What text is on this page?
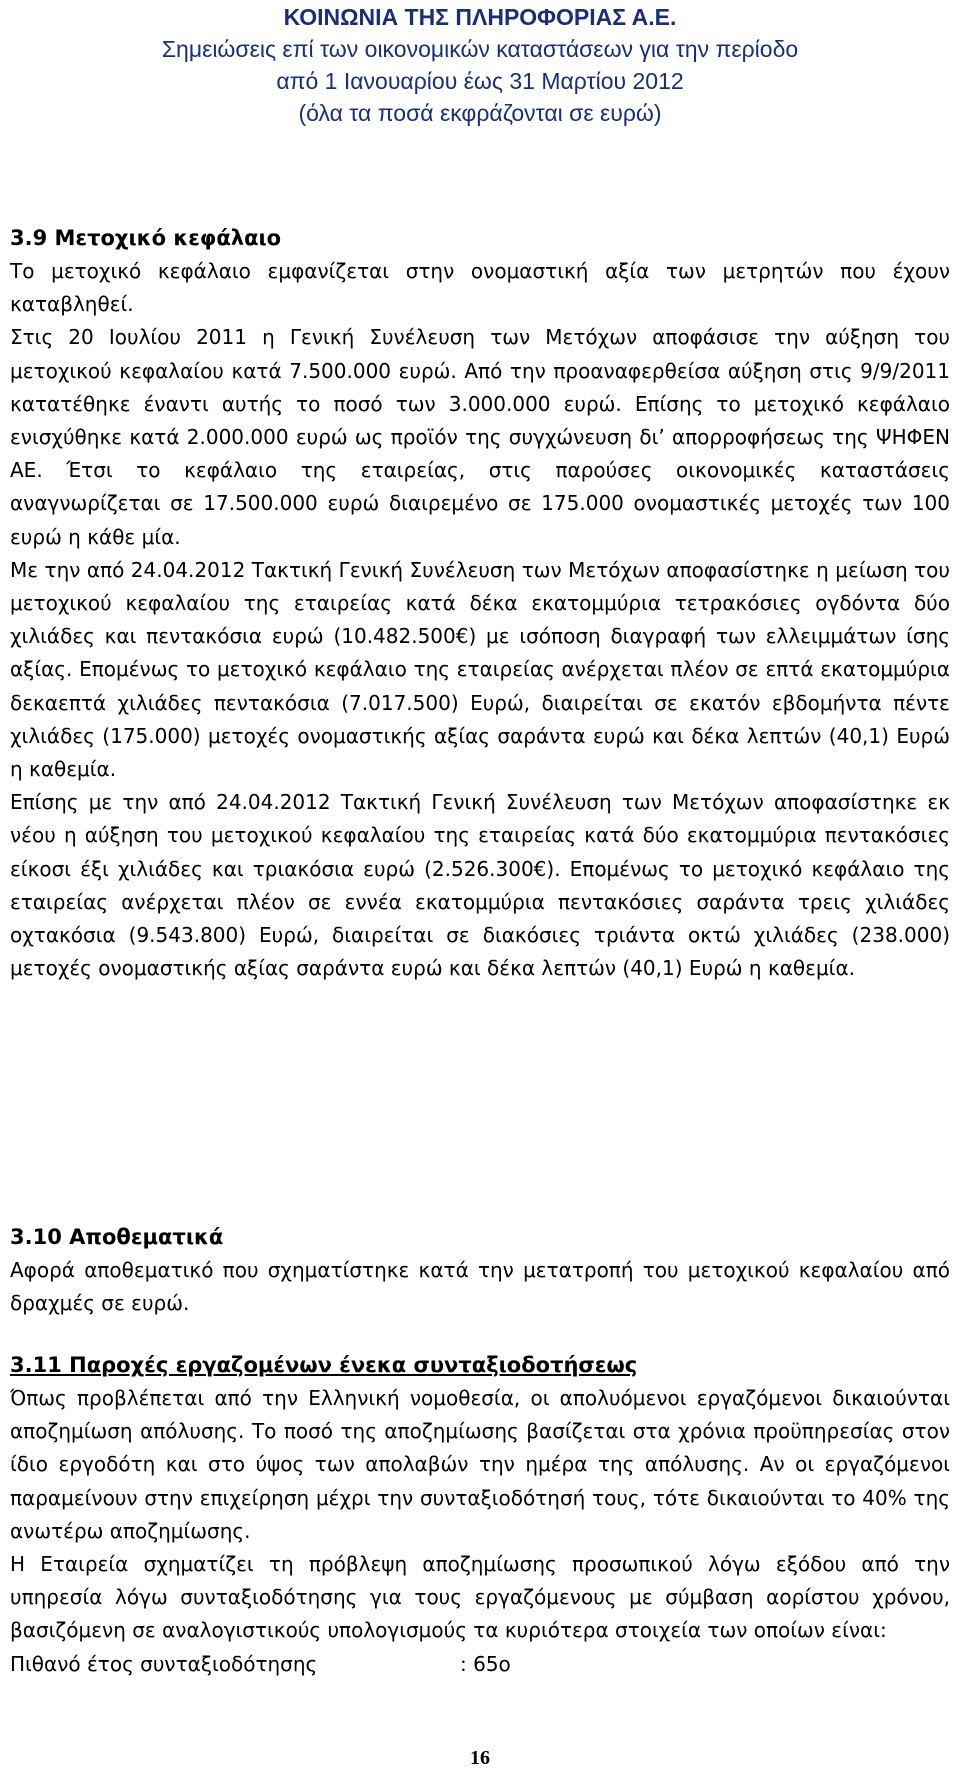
ΚΟΙΝΩΝΙΑ ΤΗΣ ΠΛΗΡΟΦΟΡΙΑΣ Α.Ε.
Σημειώσεις επί των οικονομικών καταστάσεων για την περίοδο
από 1 Ιανουαρίου έως 31 Μαρτίου 2012
(όλα τα ποσά εκφράζονται σε ευρώ)
3.9 Μετοχικό κεφάλαιο

Το μετοχικό κεφάλαιο εμφανίζεται στην ονομαστική αξία των μετρητών που έχουν καταβληθεί.

Στις 20 Ιουλίου 2011 η Γενική Συνέλευση των Μετόχων αποφάσισε την αύξηση του μετοχικού κεφαλαίου κατά 7.500.000 ευρώ. Από την προαναφερθείσα αύξηση στις 9/9/2011 κατατέθηκε έναντι αυτής το ποσό των 3.000.000 ευρώ. Επίσης το μετοχικό κεφάλαιο ενισχύθηκε κατά 2.000.000 ευρώ ως προϊόν της συγχώνευση δι’ απορροφήσεως της ΨΗΦΕΝ ΑΕ. Έτσι το κεφάλαιο της εταιρείας, στις παρούσες οικονομικές καταστάσεις αναγνωρίζεται σε 17.500.000 ευρώ διαιρεμένο σε 175.000 ονομαστικές μετοχές των 100 ευρώ η κάθε μία.

Με την από 24.04.2012 Τακτική Γενική Συνέλευση των Μετόχων αποφασίστηκε η μείωση του μετοχικού κεφαλαίου της εταιρείας κατά δέκα εκατομμύρια τετρακόσιες ογδόντα δύο χιλιάδες και πεντακόσια ευρώ (10.482.500€) με ισόποση διαγραφή των ελλειμμάτων ίσης αξίας. Επομένως το μετοχικό κεφάλαιο της εταιρείας ανέρχεται πλέον σε επτά εκατομμύρια δεκαεπτά χιλιάδες πεντακόσια (7.017.500) Ευρώ, διαιρείται σε εκατόν εβδομήντα πέντε χιλιάδες (175.000) μετοχές ονομαστικής αξίας σαράντα ευρώ και δέκα λεπτών (40,1) Ευρώ η καθεμία.

Επίσης με την από 24.04.2012 Τακτική Γενική Συνέλευση των Μετόχων αποφασίστηκε εκ νέου η αύξηση του μετοχικού κεφαλαίου της εταιρείας κατά δύο εκατομμύρια πεντακόσιες είκοσι έξι χιλιάδες και τριακόσια ευρώ (2.526.300€). Επομένως το μετοχικό κεφάλαιο της εταιρείας ανέρχεται πλέον σε εννέα εκατομμύρια πεντακόσιες σαράντα τρεις χιλιάδες οχτακόσια (9.543.800) Ευρώ, διαιρείται σε διακόσιες τριάντα οκτώ χιλιάδες (238.000) μετοχές ονομαστικής αξίας σαράντα ευρώ και δέκα λεπτών (40,1) Ευρώ η καθεμία.

3.10 Αποθεματικά

Αφορά αποθεματικό που σχηματίστηκε κατά την μετατροπή του μετοχικού κεφαλαίου από δραχμές σε ευρώ.

3.11 Παροχές εργαζομένων ένεκα συνταξιοδοτήσεως

Όπως προβλέπεται από την Ελληνική νομοθεσία, οι απολυόμενοι εργαζόμενοι δικαιούνται αποζημίωση απόλυσης. Το ποσό της αποζημίωσης βασίζεται στα χρόνια προϋπηρεσίας στον ίδιο εργοδότη και στο ύψος των απολαβών την ημέρα της απόλυσης. Αν οι εργαζόμενοι παραμείνουν στην επιχείρηση μέχρι την συνταξιοδότησή τους, τότε δικαιούνται το 40% της ανωτέρω αποζημίωσης.

Η Εταιρεία σχηματίζει τη πρόβλεψη αποζημίωσης προσωπικού λόγω εξόδου από την υπηρεσία λόγω συνταξιοδότησης για τους εργαζόμενους με σύμβαση αορίστου χρόνου, βασιζόμενη σε αναλογιστικούς υπολογισμούς τα κυριότερα στοιχεία των οποίων είναι:

Πιθανό έτος συνταξιοδότησης	: 65ο
16
